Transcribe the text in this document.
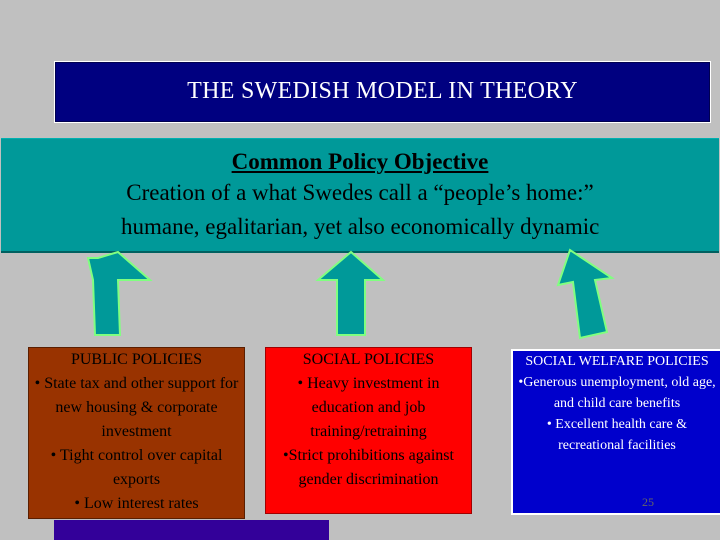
THE SWEDISH MODEL IN THEORY
Common Policy Objective
Creation of a what Swedes call a “people’s home:”
humane, egalitarian, yet also economically dynamic
PUBLIC POLICIES
• State tax and other support for new housing & corporate investment
• Tight control over capital exports
• Low interest rates
SOCIAL POLICIES
• Heavy investment in education and job training/retraining
•Strict prohibitions against gender discrimination
SOCIAL WELFARE POLICIES
•Generous unemployment, old age, and child care benefits
• Excellent health care & recreational facilities
25
